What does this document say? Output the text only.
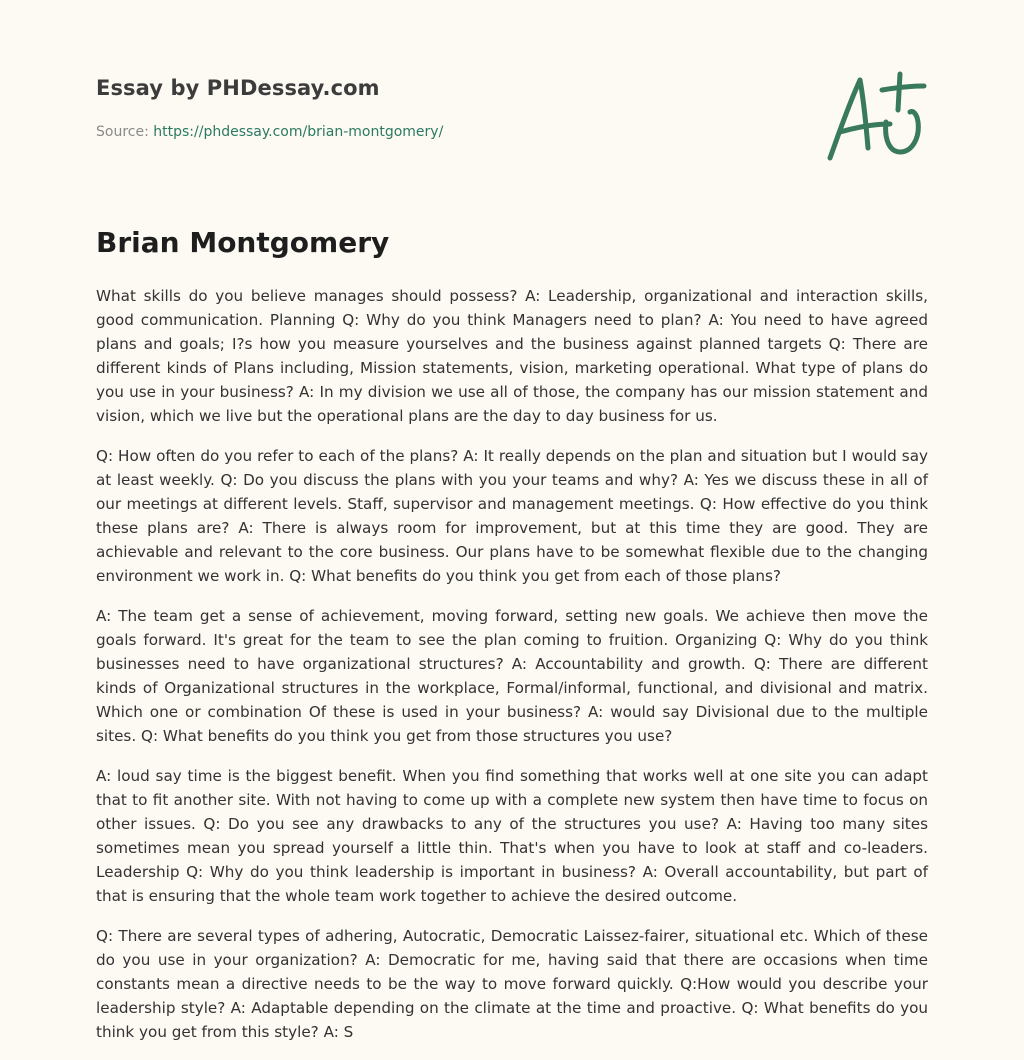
Essay by PHDessay.com
Source: https://phdessay.com/brian-montgomery/
Brian Montgomery

What skills do you believe manages should possess? A: Leadership, organizational and interaction skills, good communication. Planning Q: Why do you think Managers need to plan? A: You need to have agreed plans and goals; I?s how you measure yourselves and the business against planned targets Q: There are different kinds of Plans including, Mission statements, vision, marketing operational. What type of plans do you use in your business? A: In my division we use all of those, the company has our mission statement and vision, which we live but the operational plans are the day to day business for us.

Q: How often do you refer to each of the plans? A: It really depends on the plan and situation but I would say at least weekly. Q: Do you discuss the plans with you your teams and why? A: Yes we discuss these in all of our meetings at different levels. Staff, supervisor and management meetings. Q: How effective do you think these plans are? A: There is always room for improvement, but at this time they are good. They are achievable and relevant to the core business. Our plans have to be somewhat flexible due to the changing environment we work in. Q: What benefits do you think you get from each of those plans?

A: The team get a sense of achievement, moving forward, setting new goals. We achieve then move the goals forward. It's great for the team to see the plan coming to fruition. Organizing Q: Why do you think businesses need to have organizational structures? A: Accountability and growth. Q: There are different kinds of Organizational structures in the workplace, Formal/informal, functional, and divisional and matrix. Which one or combination Of these is used in your business? A: would say Divisional due to the multiple sites. Q: What benefits do you think you get from those structures you use?

A: loud say time is the biggest benefit. When you find something that works well at one site you can adapt that to fit another site. With not having to come up with a complete new system then have time to focus on other issues. Q: Do you see any drawbacks to any of the structures you use? A: Having too many sites sometimes mean you spread yourself a little thin. That's when you have to look at staff and co-leaders. Leadership Q: Why do you think leadership is important in business? A: Overall accountability, but part of that is ensuring that the whole team work together to achieve the desired outcome.

Q: There are several types of adhering, Autocratic, Democratic Laissez-fairer, situational etc. Which of these do you use in your organization? A: Democratic for me, having said that there are occasions when time constants mean a directive needs to be the way to move forward quickly. Q:How would you describe your leadership style? A: Adaptable depending on the climate at the time and proactive. Q: What benefits do you think you get from this style? A: S
